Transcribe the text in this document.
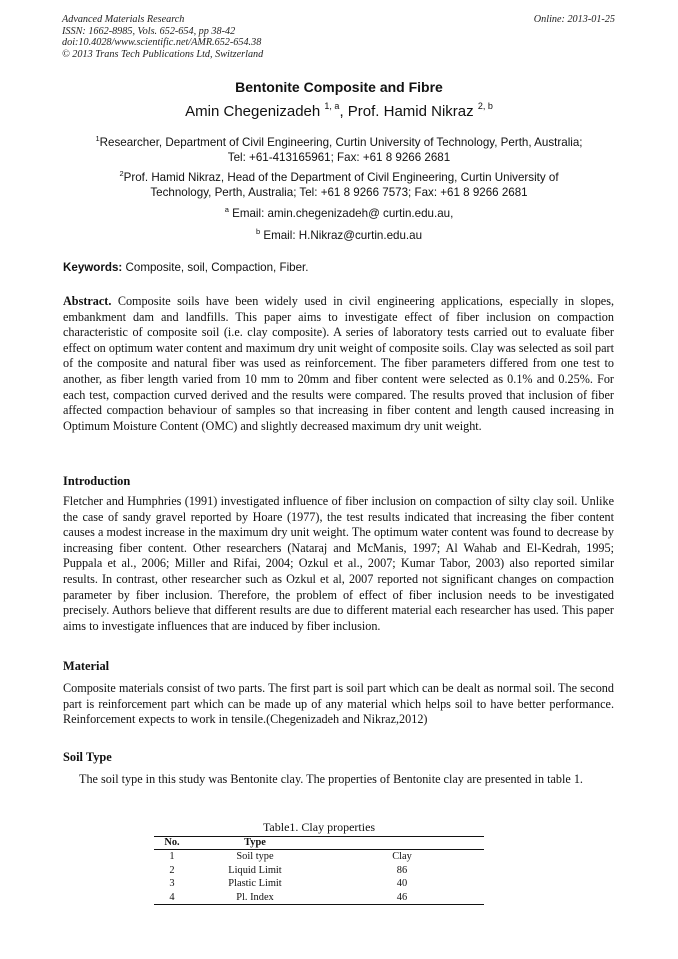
Advanced Materials Research
ISSN: 1662-8985, Vols. 652-654, pp 38-42
doi:10.4028/www.scientific.net/AMR.652-654.38
© 2013 Trans Tech Publications Ltd, Switzerland
Online: 2013-01-25
Bentonite Composite and Fibre
Amin Chegenizadeh $^{1, a}$, Prof. Hamid Nikraz $^{2, b}$
$^1$Researcher, Department of Civil Engineering, Curtin University of Technology, Perth, Australia;
Tel: +61-413165961; Fax: +61 8 9266 2681
$^2$Prof. Hamid Nikraz, Head of the Department of Civil Engineering, Curtin University of
Technology, Perth, Australia; Tel: +61 8 9266 7573; Fax: +61 8 9266 2681
$^a$ Email: amin.chegenizadeh@ curtin.edu.au,
$^b$ Email: H.Nikraz@curtin.edu.au
Keywords: Composite, soil, Compaction, Fiber.
Abstract. Composite soils have been widely used in civil engineering applications, especially in slopes, embankment dam and landfills. This paper aims to investigate effect of fiber inclusion on compaction characteristic of composite soil (i.e. clay composite). A series of laboratory tests carried out to evaluate fiber effect on optimum water content and maximum dry unit weight of composite soils. Clay was selected as soil part of the composite and natural fiber was used as reinforcement. The fiber parameters differed from one test to another, as fiber length varied from 10 mm to 20mm and fiber content were selected as 0.1% and 0.25%. For each test, compaction curved derived and the results were compared. The results proved that inclusion of fiber affected compaction behaviour of samples so that increasing in fiber content and length caused increasing in Optimum Moisture Content (OMC) and slightly decreased maximum dry unit weight.
Introduction
Fletcher and Humphries (1991) investigated influence of fiber inclusion on compaction of silty clay soil. Unlike the case of sandy gravel reported by Hoare (1977), the test results indicated that increasing the fiber content causes a modest increase in the maximum dry unit weight. The optimum water content was found to decrease by increasing fiber content. Other researchers (Nataraj and McManis, 1997; Al Wahab and El-Kedrah, 1995; Puppala et al., 2006; Miller and Rifai, 2004; Ozkul et al., 2007; Kumar Tabor, 2003) also reported similar results. In contrast, other researcher such as Ozkul et al, 2007 reported not significant changes on compaction parameter by fiber inclusion. Therefore, the problem of effect of fiber inclusion needs to be investigated precisely. Authors believe that different results are due to different material each researcher has used. This paper aims to investigate influences that are induced by fiber inclusion.
Material
Composite materials consist of two parts. The first part is soil part which can be dealt as normal soil. The second part is reinforcement part which can be made up of any material which helps soil to have better performance. Reinforcement expects to work in tensile.(Chegenizadeh and Nikraz,2012)
Soil Type
The soil type in this study was Bentonite clay. The properties of Bentonite clay are presented in table 1.
Table1. Clay properties
No.	Type	
1	Soil type	Clay
2	Liquid Limit	86
3	Plastic Limit	40
4	Pl. Index	46
